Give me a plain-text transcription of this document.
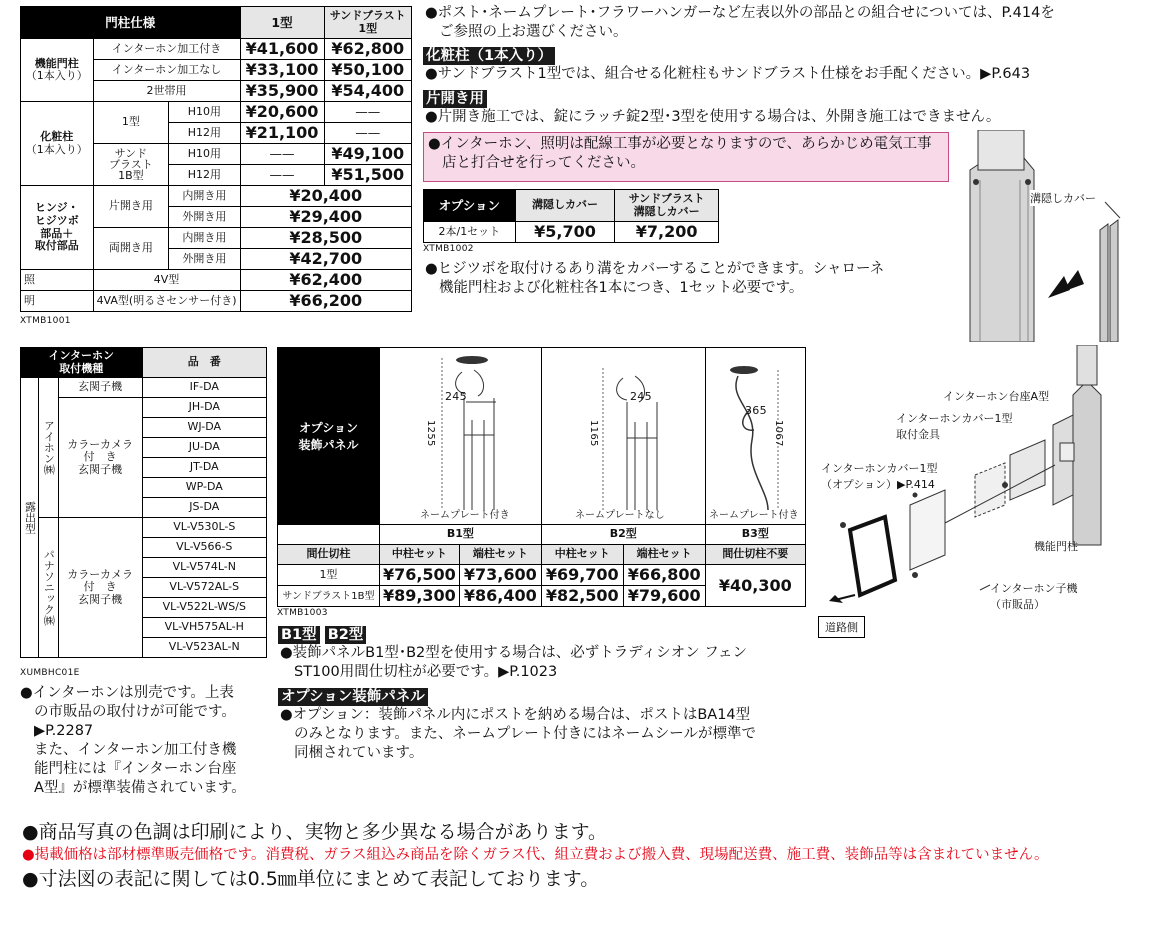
門柱仕様			1型	サンドブラスト
1型
機能門柱
（1本入り）	インターホン加工付き		¥41,600	¥62,800
	インターホン加工なし		¥33,100	¥50,100
	2世帯用		¥35,900	¥54,400
化粧柱
（1本入り）	1型	H10用	¥20,600	——
		H12用	¥21,100	——
	サンド
ブラスト
1B型	H10用	——	¥49,100
		H12用	——	¥51,500
ヒンジ・
ヒジツボ
部品＋
取付部品	片開き用	内開き用	¥20,400	
		外開き用	¥29,400	
	両開き用	内開き用	¥28,500	
		外開き用	¥42,700	
照	4V型		¥62,400	
明	4VA型(明るさセンサー付き)		¥66,200	
XTMB1001
●ポスト･ネームプレート･フラワーハンガーなど左表以外の部品との組合せについては、P.414を
ご参照の上お選びください。
化粧柱（1本入り）
●サンドブラスト1型では、組合せる化粧柱もサンドブラスト仕様をお手配ください。▶P.643
片開き用
●片開き施工では、錠にラッチ錠2型･3型を使用する場合は、外開き施工はできません。
●インターホン、照明は配線工事が必要となりますので、あらかじめ電気工事
店と打合せを行ってください。
オプション	溝隠しカバー	サンドブラスト
溝隠しカバー
2本/1セット	¥5,700	¥7,200
XTMB1002
●ヒジツボを取付けるあり溝をカバーすることができます。シャローネ
機能門柱および化粧柱各1本につき、1セット必要です。
溝隠しカバー
インターホン
取付機種			品　番
露出型	アイホン㈱	玄関子機	IF-DA
		カラーカメラ
付　き
玄関子機	JH-DA
			WJ-DA
			JU-DA
			JT-DA
			WP-DA
			JS-DA
	パナソニック㈱	カラーカメラ
付　き
玄関子機	VL-V530L-S
			VL-V566-S
			VL-V574L-N
			VL-V572AL-S
			VL-V522L-WS/S
			VL-VH575AL-H
			VL-V523AL-N
XUMBHC01E
●インターホンは別売です。上表
の市販品の取付けが可能です。
▶P.2287
また、インターホン加工付き機
能門柱には『インターホン台座
A型』が標準装備されています。
オプション
装飾パネル
245
1255
ネームプレート付き
245
1165
ネームプレートなし
365
1067
ネームプレート付き
	B1型		B2型		B3型
間仕切柱	中柱セット	端柱セット	中柱セット	端柱セット	間仕切柱不要
1型	¥76,500	¥73,600	¥69,700	¥66,800	¥40,300
サンドブラスト1B型	¥89,300	¥86,400	¥82,500	¥79,600	
XTMB1003
B1型 B2型
●装飾パネルB1型･B2型を使用する場合は、必ずトラディシオン フェン
ST100用間仕切柱が必要です。▶P.1023
オプション装飾パネル
●オプション：装飾パネル内にポストを納める場合は、ポストはBA14型
のみとなります。また、ネームプレート付きにはネームシールが標準で
同梱されています。
インターホン台座A型
インターホンカバー1型
取付金具
インターホンカバー1型
（オプション）▶P.414
機能門柱
インターホン子機
（市販品）
道路側
●商品写真の色調は印刷により、実物と多少異なる場合があります。
●掲載価格は部材標準販売価格です。消費税、ガラス組込み商品を除くガラス代、組立費および搬入費、現場配送費、施工費、装飾品等は含まれていません。
●寸法図の表記に関しては0.5㎜単位にまとめて表記しております。
